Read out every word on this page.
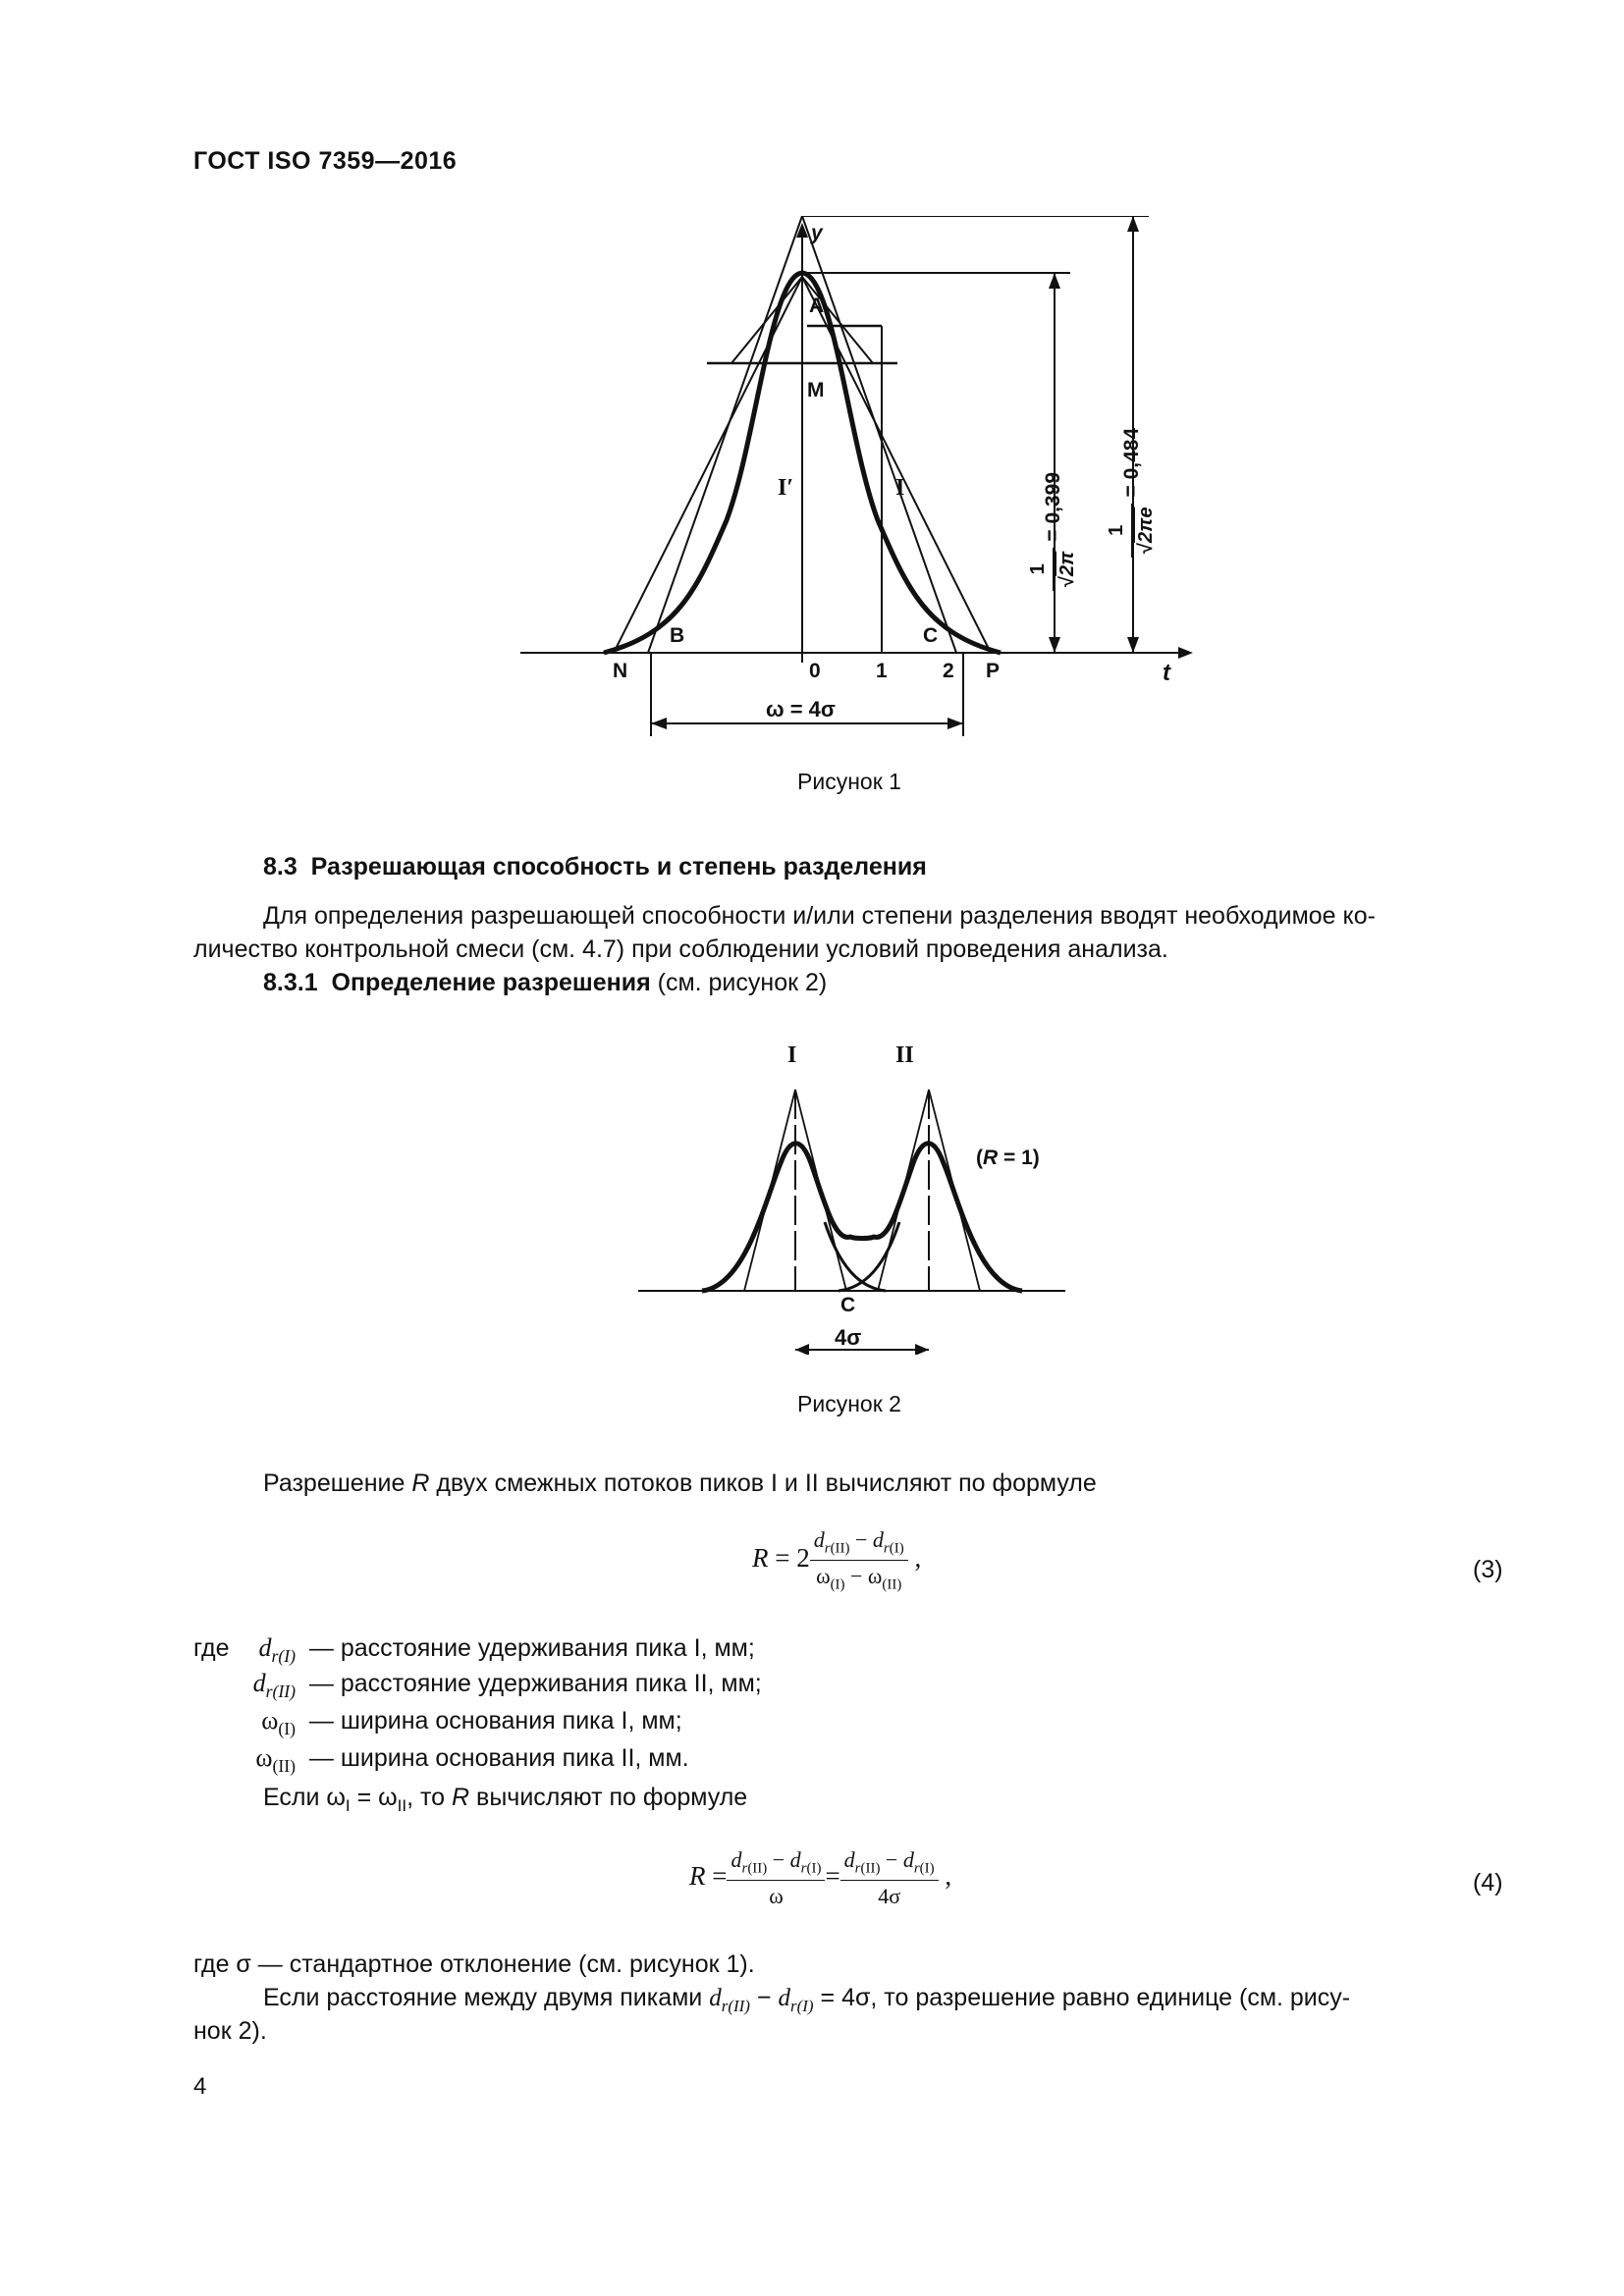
ГОСТ ISO 7359—2016
y
A
M
I′	I
B	C
N	P
0	1	2	t
ω = 4σ
1
√2π
= 0,399 1
√2πe
= 0,484
Рисунок 1
8.3 Разрешающая способность и степень разделения
Для определения разрешающей способности и/или степени разделения вводят необходимое ко-
личество контрольной смеси (см. 4.7) при соблюдении условий проведения анализа.
8.3.1 Определение разрешения (см. рисунок 2)
I	II
(R = 1)
C
4σ
Рисунок 2
Разрешение R двух смежных потоков пиков I и II вычисляют по формуле
$R = 2 \frac{d_{r(II)} - d_{r(I)}}{\omega_{(I)} - \omega_{(II)}}$ ,	(3)
где $d_{r(I)}$ — расстояние удерживания пика I, мм;
$d_{r(II)}$ — расстояние удерживания пика II, мм;
$\omega_{(I)}$ — ширина основания пика I, мм;
$\omega_{(II)}$ — ширина основания пика II, мм.
Если $\omega_I = \omega_{II}$, то R вычисляют по формуле
$R = \frac{d_{r(II)} - d_{r(I)}}{\omega} = \frac{d_{r(II)} - d_{r(I)}}{4\sigma}$ ,	(4)
где σ — стандартное отклонение (см. рисунок 1).
Если расстояние между двумя пиками $d_{r(II)} - d_{r(I)} = 4\sigma$, то разрешение равно единице (см. рису-
нок 2).
4
